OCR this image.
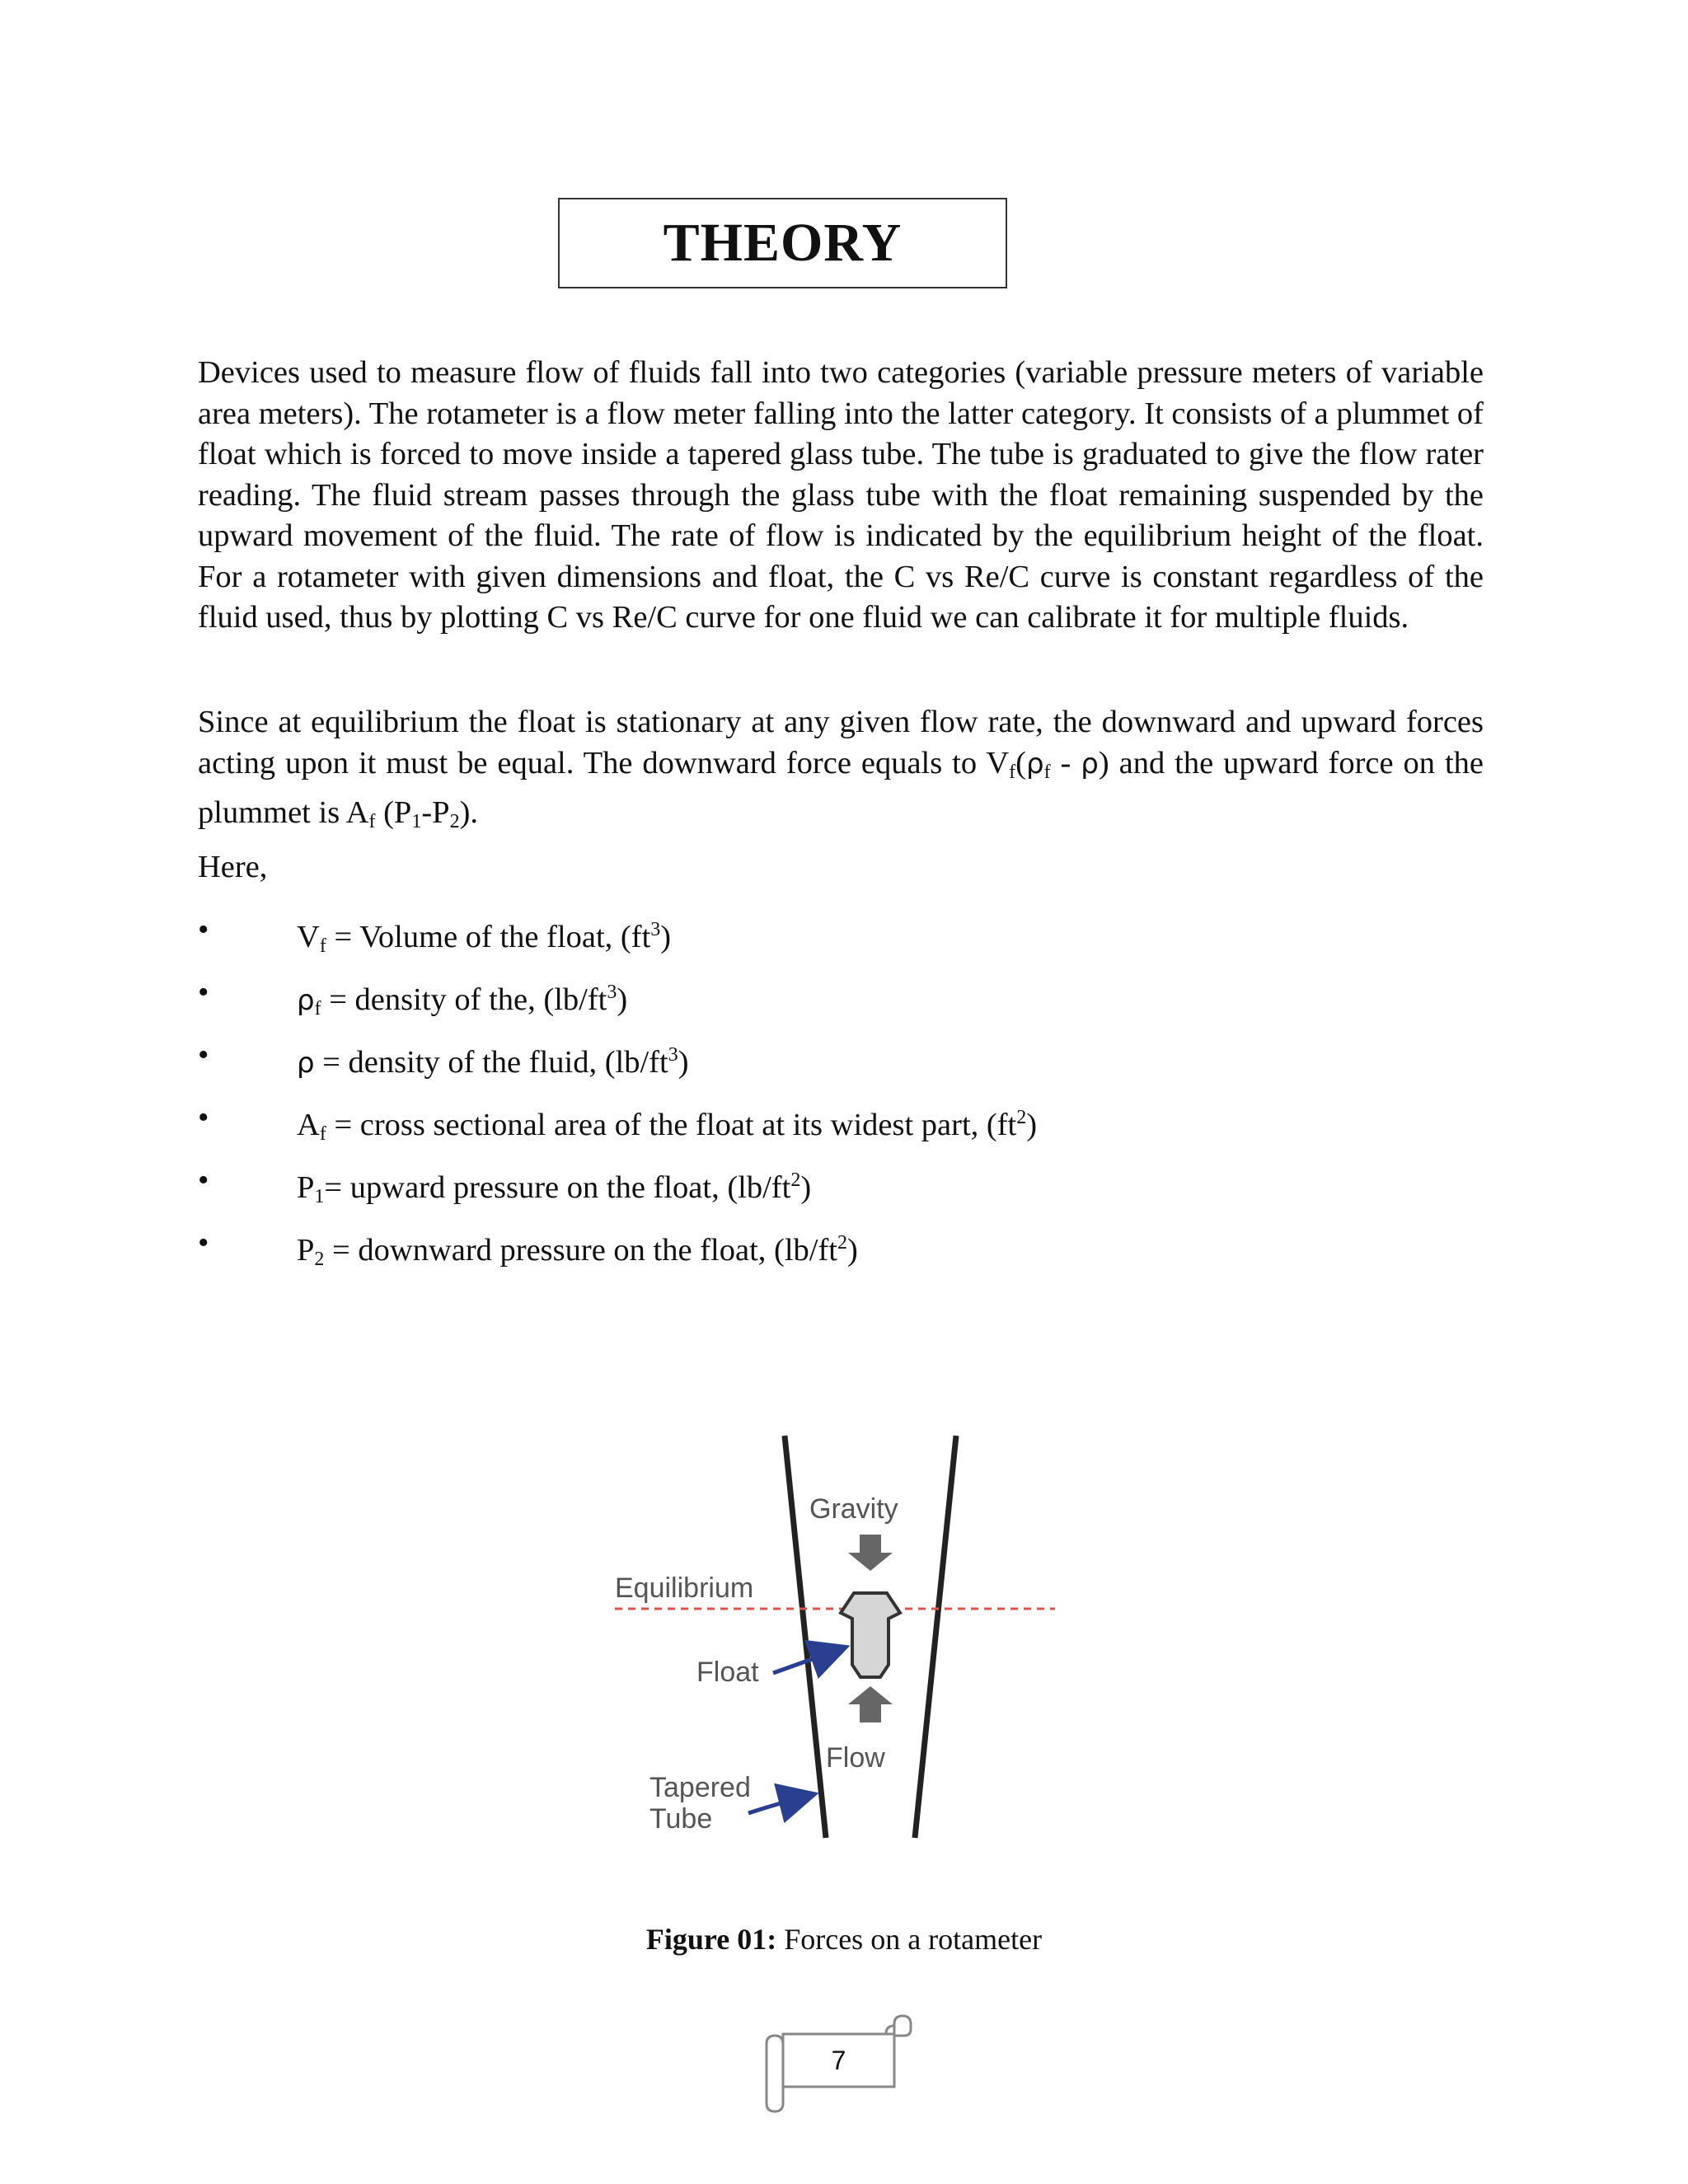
THEORY

Devices used to measure flow of fluids fall into two categories (variable pressure meters of variable area meters). The rotameter is a flow meter falling into the latter category. It consists of a plummet of float which is forced to move inside a tapered glass tube. The tube is graduated to give the flow rater reading. The fluid stream passes through the glass tube with the float remaining suspended by the upward movement of the fluid. The rate of flow is indicated by the equilibrium height of the float. For a rotameter with given dimensions and float, the C vs Re/C curve is constant regardless of the fluid used, thus by plotting C vs Re/C curve for one fluid we can calibrate it for multiple fluids.

Since at equilibrium the float is stationary at any given flow rate, the downward and upward forces acting upon it must be equal. The downward force equals to $V_f(\rho_f - \rho)$ and the upward force on the plummet is $A_f$ $(P_1-P_2)$.

Here,

•	$V_f$ = Volume of the float, $(ft^3)$
•	$\rho_f$ = density of the, $(lb/ft^3)$
•	ρ = density of the fluid, $(lb/ft^3)$
•	$A_f$ = cross sectional area of the float at its widest part, $(ft^2)$
•	$P_1=$ upward pressure on the float, $(lb/ft^2)$
•	$P_2$ = downward pressure on the float, $(lb/ft^2)$
Gravity
Equilibrium
Float
Flow
Tapered
Tube

Figure 01: Forces on a rotameter

7
